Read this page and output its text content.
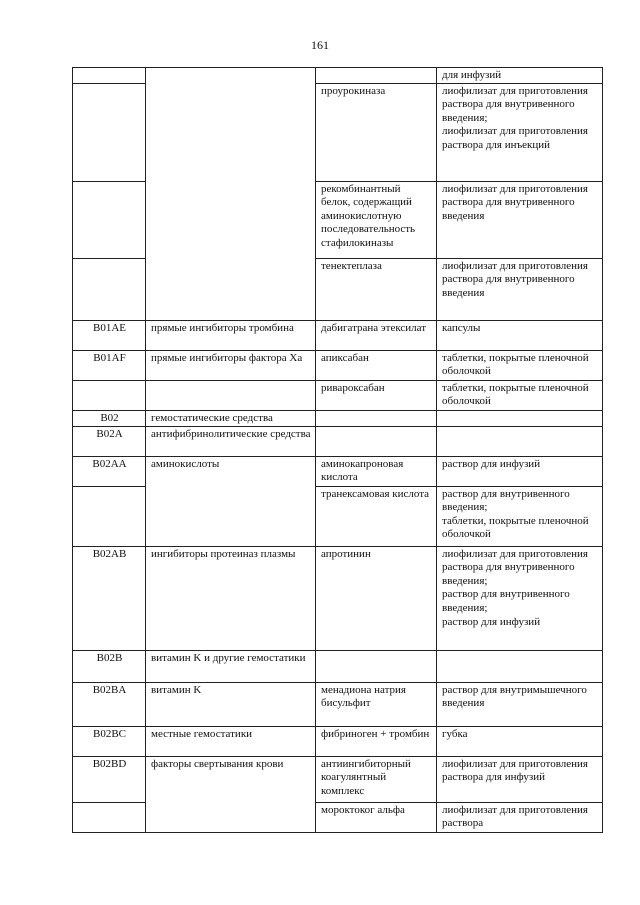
161
			для инфузий
		проурокиназа	лиофилизат для приготовления раствора для внутривенного введения;
лиофилизат для приготовления раствора для инъекций
		рекомбинантный белок, содержащий аминокислотную последовательность стафилокиназы	лиофилизат для приготовления раствора для внутривенного введения
		тенектеплаза	лиофилизат для приготовления раствора для внутривенного введения
B01AE	прямые ингибиторы тромбина	дабигатрана этексилат	капсулы
B01AF	прямые ингибиторы фактора Xa	апиксабан	таблетки, покрытые пленочной оболочкой
		ривароксабан	таблетки, покрытые пленочной оболочкой
B02	гемостатические средства		
B02A	антифибринолитические средства		
B02AA	аминокислоты	аминокапроновая кислота	раствор для инфузий
		транексамовая кислота	раствор для внутривенного введения;
таблетки, покрытые пленочной оболочкой
B02AB	ингибиторы протеиназ плазмы	апротинин	лиофилизат для приготовления раствора для внутривенного введения;
раствор для внутривенного введения;
раствор для инфузий
B02B	витамин K и другие гемостатики		
B02BA	витамин K	менадиона натрия бисульфит	раствор для внутримышечного введения
B02BC	местные гемостатики	фибриноген + тромбин	губка
B02BD	факторы свертывания крови	антиингибиторный коагулянтный комплекс	лиофилизат для приготовления раствора для инфузий
		мороктоког альфа	лиофилизат для приготовления раствора
